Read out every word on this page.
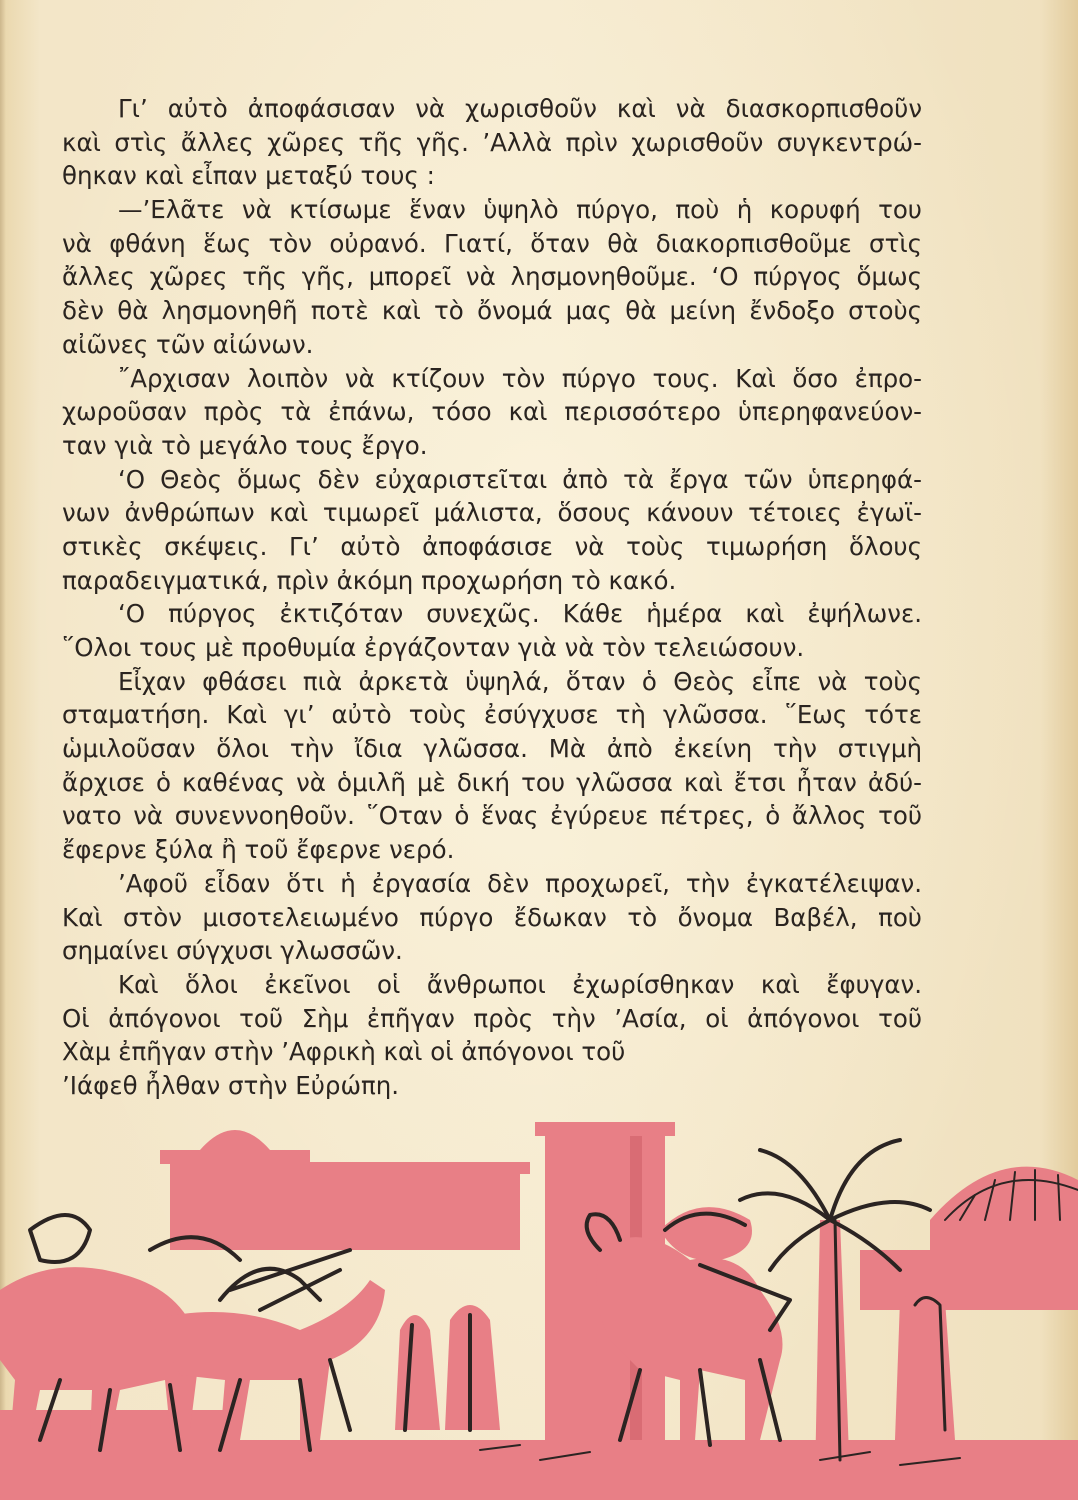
Γι’ αὐτὸ ἀποφάσισαν νὰ χωρισθοῦν καὶ νὰ διασκορπισθοῦν
καὶ στὶς ἄλλες χῶρες τῆς γῆς. ’Αλλὰ πρὶν χωρισθοῦν συγκεντρώ-
θηκαν καὶ εἶπαν μεταξύ τους :
—’Ελᾶτε νὰ κτίσωμε ἕναν ὑψηλὸ πύργο, ποὺ ἡ κορυφή του
νὰ φθάνη ἕως τὸν οὐρανό. Γιατί, ὅταν θὰ διακορπισθοῦμε στὶς
ἄλλες χῶρες τῆς γῆς, μπορεῖ νὰ λησμονηθοῦμε. ‘Ο πύργος ὅμως
δὲν θὰ λησμονηθῆ ποτὲ καὶ τὸ ὄνομά μας θὰ μείνη ἔνδοξο στοὺς
αἰῶνες τῶν αἰώνων.
῎Αρχισαν λοιπὸν νὰ κτίζουν τὸν πύργο τους. Καὶ ὅσο ἐπρο-
χωροῦσαν πρὸς τὰ ἐπάνω, τόσο καὶ περισσότερο ὑπερηφανεύον-
ταν γιὰ τὸ μεγάλο τους ἔργο.
‘Ο Θεὸς ὅμως δὲν εὐχαριστεῖται ἀπὸ τὰ ἔργα τῶν ὑπερηφά-
νων ἀνθρώπων καὶ τιμωρεῖ μάλιστα, ὅσους κάνουν τέτοιες ἐγωϊ-
στικὲς σκέψεις. Γι’ αὐτὸ ἀποφάσισε νὰ τοὺς τιμωρήση ὅλους
παραδειγματικά, πρὶν ἀκόμη προχωρήση τὸ κακό.
‘Ο πύργος ἐκτιζόταν συνεχῶς. Κάθε ἡμέρα καὶ ἐψήλωνε.
῞Ολοι τους μὲ προθυμία ἐργάζονταν γιὰ νὰ τὸν τελειώσουν.
Εἶχαν φθάσει πιὰ ἀρκετὰ ὑψηλά, ὅταν ὁ Θεὸς εἶπε νὰ τοὺς
σταματήση. Καὶ γι’ αὐτὸ τοὺς ἐσύγχυσε τὴ γλῶσσα. ῞Εως τότε
ὡμιλοῦσαν ὅλοι τὴν ἴδια γλῶσσα. Μὰ ἀπὸ ἐκείνη τὴν στιγμὴ
ἄρχισε ὁ καθένας νὰ ὁμιλῆ μὲ δική του γλῶσσα καὶ ἔτσι ἦταν ἀδύ-
νατο νὰ συνεννοηθοῦν. ῞Οταν ὁ ἕνας ἐγύρευε πέτρες, ὁ ἄλλος τοῦ
ἔφερνε ξύλα ἢ τοῦ ἔφερνε νερό.
’Αφοῦ εἶδαν ὅτι ἡ ἐργασία δὲν προχωρεῖ, τὴν ἐγκατέλειψαν.
Καὶ στὸν μισοτελειωμένο πύργο ἔδωκαν τὸ ὄνομα Βαβέλ, ποὺ
σημαίνει σύγχυσι γλωσσῶν.
Καὶ ὅλοι ἐκεῖνοι οἱ ἄνθρωποι ἐχωρίσθηκαν καὶ ἔφυγαν.
Οἱ ἀπόγονοι τοῦ Σὴμ ἐπῆγαν πρὸς τὴν ’Ασία, οἱ ἀπόγονοι τοῦ
Χὰμ ἐπῆγαν στὴν ’Αφρικὴ καὶ οἱ ἀπόγονοι τοῦ
’Ιάφεθ ἦλθαν στὴν Εὐρώπη.
